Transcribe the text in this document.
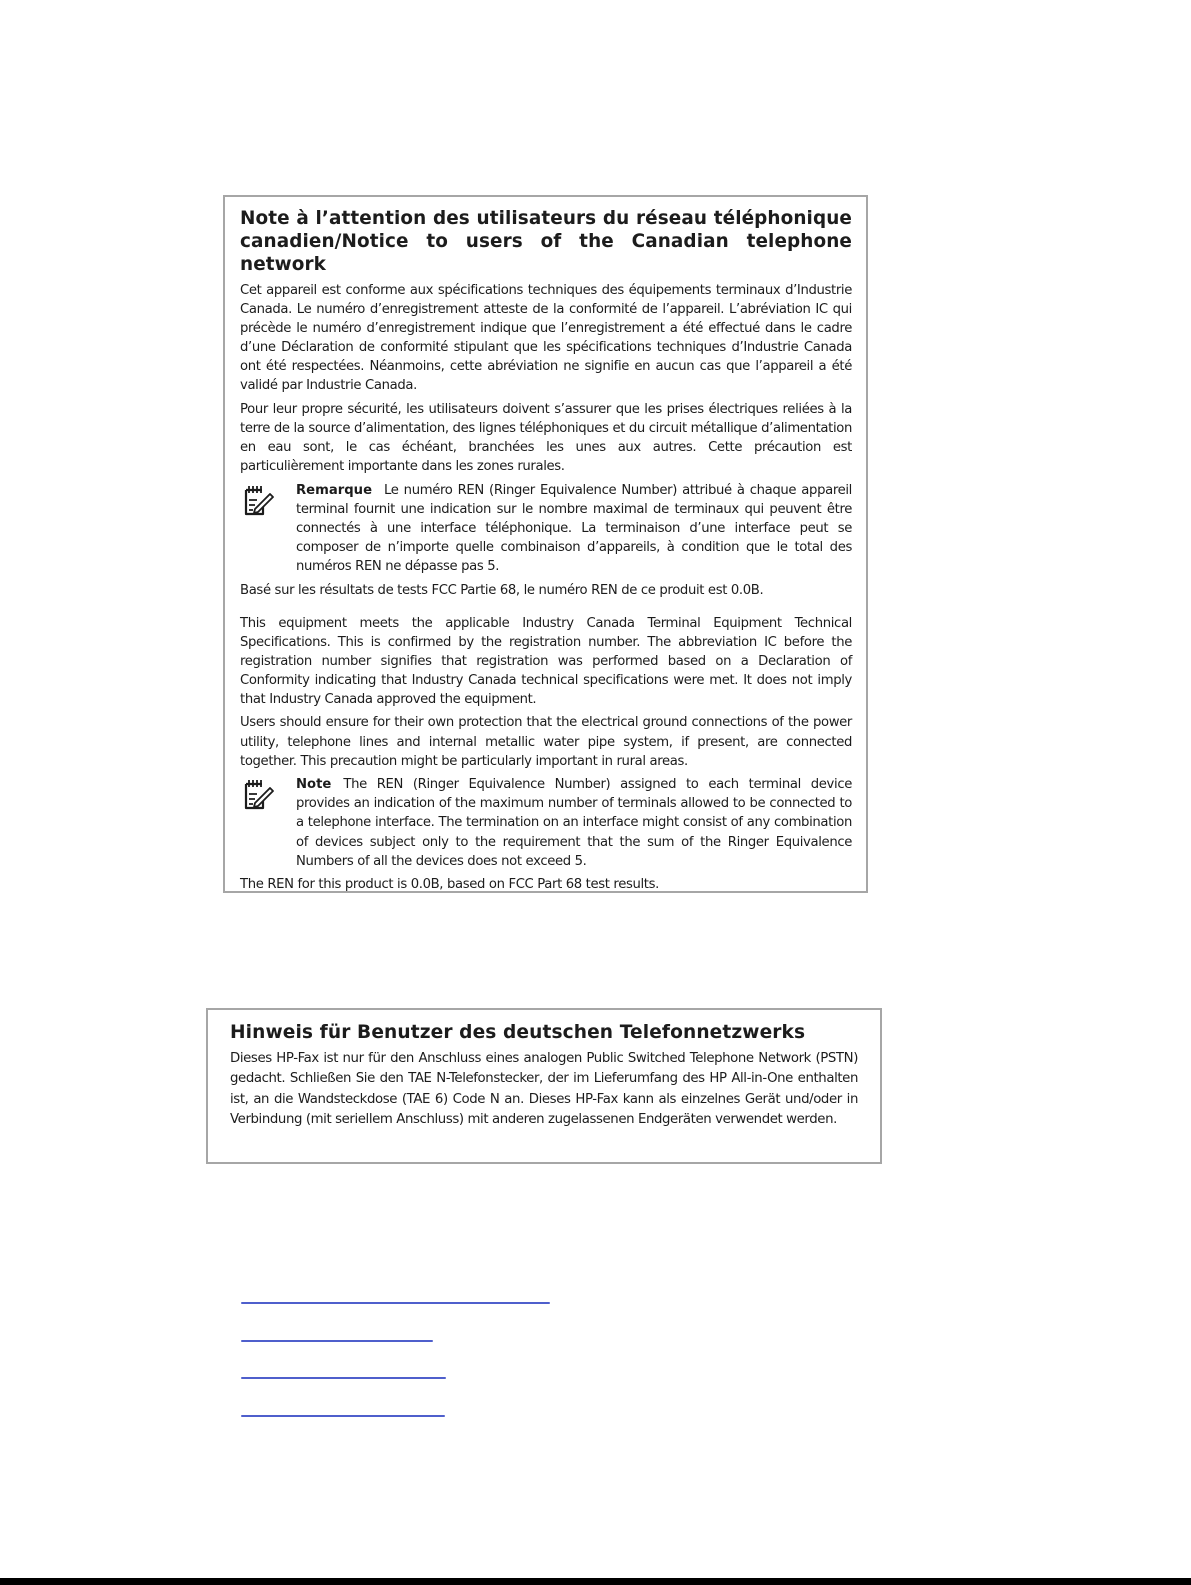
Note à l’attention des utilisateurs du réseau téléphonique canadien/Notice to users of the Canadian telephone network
Cet appareil est conforme aux spécifications techniques des équipements terminaux d’Industrie Canada. Le numéro d’enregistrement atteste de la conformité de l’appareil. L’abréviation IC qui précède le numéro d’enregistrement indique que l’enregistrement a été effectué dans le cadre d’une Déclaration de conformité stipulant que les spécifications techniques d’Industrie Canada ont été respectées. Néanmoins, cette abréviation ne signifie en aucun cas que l’appareil a été validé par Industrie Canada.
Pour leur propre sécurité, les utilisateurs doivent s’assurer que les prises électriques reliées à la terre de la source d’alimentation, des lignes téléphoniques et du circuit métallique d’alimentation en eau sont, le cas échéant, branchées les unes aux autres. Cette précaution est particulièrement importante dans les zones rurales.
Remarque Le numéro REN (Ringer Equivalence Number) attribué à chaque appareil terminal fournit une indication sur le nombre maximal de terminaux qui peuvent être connectés à une interface téléphonique. La terminaison d’une interface peut se composer de n’importe quelle combinaison d’appareils, à condition que le total des numéros REN ne dépasse pas 5.
Basé sur les résultats de tests FCC Partie 68, le numéro REN de ce produit est 0.0B.
This equipment meets the applicable Industry Canada Terminal Equipment Technical Specifications. This is confirmed by the registration number. The abbreviation IC before the registration number signifies that registration was performed based on a Declaration of Conformity indicating that Industry Canada technical specifications were met. It does not imply that Industry Canada approved the equipment.
Users should ensure for their own protection that the electrical ground connections of the power utility, telephone lines and internal metallic water pipe system, if present, are connected together. This precaution might be particularly important in rural areas.
Note The REN (Ringer Equivalence Number) assigned to each terminal device provides an indication of the maximum number of terminals allowed to be connected to a telephone interface. The termination on an interface might consist of any combination of devices subject only to the requirement that the sum of the Ringer Equivalence Numbers of all the devices does not exceed 5.
The REN for this product is 0.0B, based on FCC Part 68 test results.
Hinweis für Benutzer des deutschen Telefonnetzwerks
Dieses HP-Fax ist nur für den Anschluss eines analogen Public Switched Telephone Network (PSTN) gedacht. Schließen Sie den TAE N-Telefonstecker, der im Lieferumfang des HP All-in-One enthalten ist, an die Wandsteckdose (TAE 6) Code N an. Dieses HP-Fax kann als einzelnes Gerät und/oder in Verbindung (mit seriellem Anschluss) mit anderen zugelassenen Endgeräten verwendet werden.
